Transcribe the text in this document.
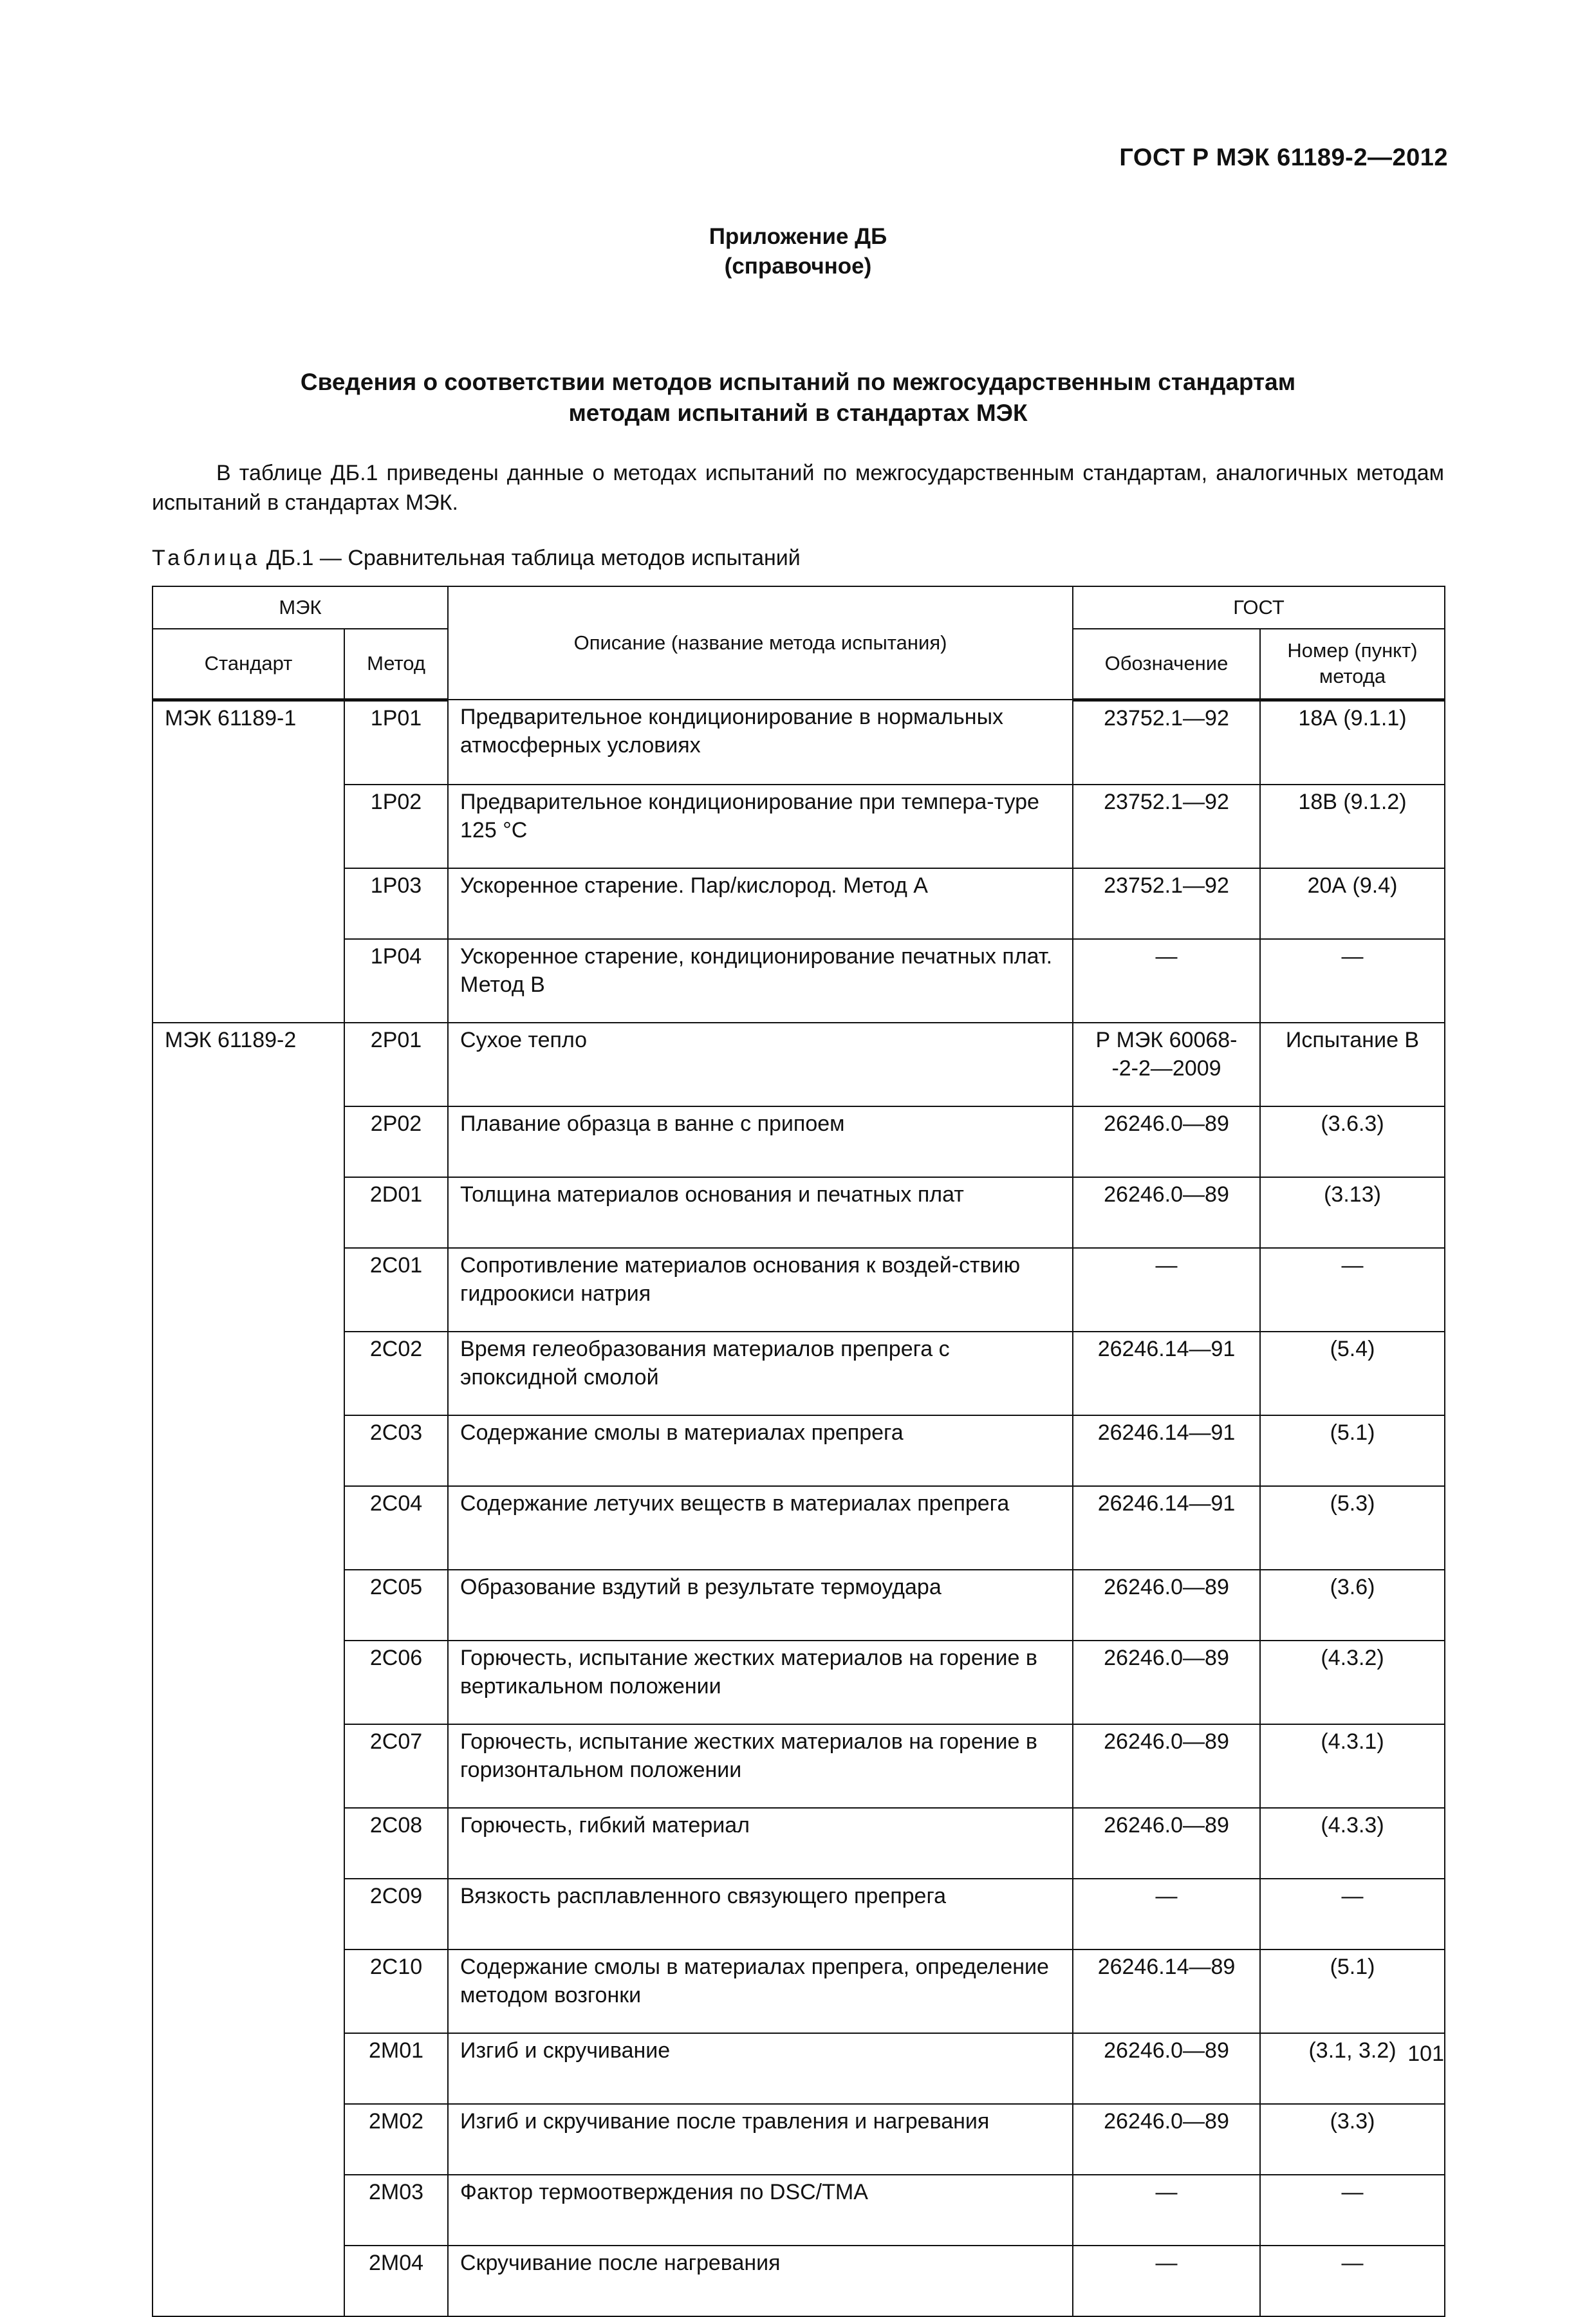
ГОСТ Р МЭК 61189-2—2012
Приложение ДБ
(справочное)
Сведения о соответствии методов испытаний по межгосударственным стандартам
методам испытаний в стандартах МЭК
В таблице ДБ.1 приведены данные о методах испытаний по межгосударственным стандартам, аналогичных методам испытаний в стандартах МЭК.
Таблица ДБ.1 — Сравнительная таблица методов испытаний
МЭК		Описание (название метода испытания)	ГОСТ	
Стандарт	Метод		Обозначение	Номер (пункт) метода
МЭК 61189-1	1P01	Предварительное кондиционирование в нормальных атмосферных условиях	23752.1—92	18А (9.1.1)
	1P02	Предварительное кондиционирование при темпера-туре 125 °С	23752.1—92	18В (9.1.2)
	1P03	Ускоренное старение. Пар/кислород. Метод А	23752.1—92	20А (9.4)
	1P04	Ускоренное старение, кондиционирование печатных плат. Метод В	—	—
МЭК 61189-2	2P01	Сухое тепло	Р МЭК 60068--2-2—2009	Испытание В
	2P02	Плавание образца в ванне с припоем	26246.0—89	(3.6.3)
	2D01	Толщина материалов основания и печатных плат	26246.0—89	(3.13)
	2C01	Сопротивление материалов основания к воздей-ствию гидроокиси натрия	—	—
	2C02	Время гелеобразования материалов препрега с эпоксидной смолой	26246.14—91	(5.4)
	2C03	Содержание смолы в материалах препрега	26246.14—91	(5.1)
	2C04	Содержание летучих веществ в материалах препрега	26246.14—91	(5.3)
	2C05	Образование вздутий в результате термоудара	26246.0—89	(3.6)
	2C06	Горючесть, испытание жестких материалов на горение в вертикальном положении	26246.0—89	(4.3.2)
	2C07	Горючесть, испытание жестких материалов на горение в горизонтальном положении	26246.0—89	(4.3.1)
	2C08	Горючесть, гибкий материал	26246.0—89	(4.3.3)
	2C09	Вязкость расплавленного связующего препрега	—	—
	2C10	Содержание смолы в материалах препрега, определение методом возгонки	26246.14—89	(5.1)
	2M01	Изгиб и скручивание	26246.0—89	(3.1, 3.2)
	2M02	Изгиб и скручивание после травления и нагревания	26246.0—89	(3.3)
	2M03	Фактор термоотверждения по DSC/TMA	—	—
	2M04	Скручивание после нагревания	—	—
101
